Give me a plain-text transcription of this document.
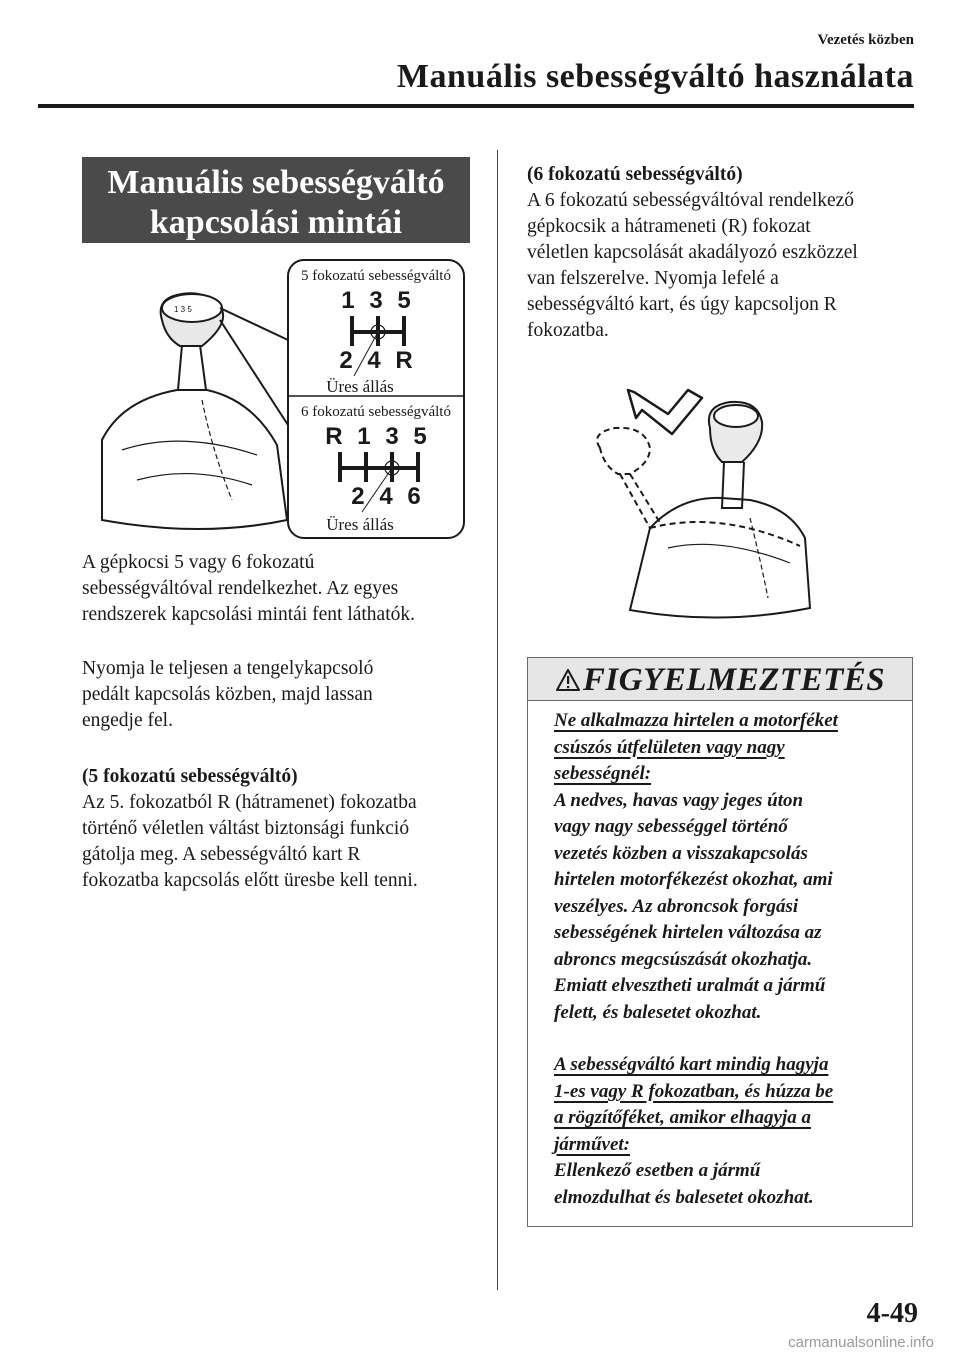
Vezetés közben
Manuális sebességváltó használata
Manuális sebességváltó
kapcsolási mintái
1 3 5
5 fokozatú sebességváltó
1 3 5
2 4 R
Üres állás
6 fokozatú sebességváltó
R 1 3 5
2 4 6
Üres állás
A gépkocsi 5 vagy 6 fokozatú
sebességváltóval rendelkezhet. Az egyes
rendszerek kapcsolási mintái fent láthatók.
Nyomja le teljesen a tengelykapcsoló
pedált kapcsolás közben, majd lassan
engedje fel.
(5 fokozatú sebességváltó)
Az 5. fokozatból R (hátramenet) fokozatba
történő véletlen váltást biztonsági funkció
gátolja meg. A sebességváltó kart R
fokozatba kapcsolás előtt üresbe kell tenni.
(6 fokozatú sebességváltó)
A 6 fokozatú sebességváltóval rendelkező
gépkocsik a hátrameneti (R) fokozat
véletlen kapcsolását akadályozó eszközzel
van felszerelve. Nyomja lefelé a
sebességváltó kart, és úgy kapcsoljon R
fokozatba.
FIGYELMEZTETÉS
Ne alkalmazza hirtelen a motorféket
csúszós útfelületen vagy nagy
sebességnél:
A nedves, havas vagy jeges úton
vagy nagy sebességgel történő
vezetés közben a visszakapcsolás
hirtelen motorfékezést okozhat, ami
veszélyes. Az abroncsok forgási
sebességének hirtelen változása az
abroncs megcsúszását okozhatja.
Emiatt elvesztheti uralmát a jármű
felett, és balesetet okozhat.
A sebességváltó kart mindig hagyja
1-es vagy R fokozatban, és húzza be
a rögzítőféket, amikor elhagyja a
járművet:
Ellenkező esetben a jármű
elmozdulhat és balesetet okozhat.
4-49
carmanualsonline.info
